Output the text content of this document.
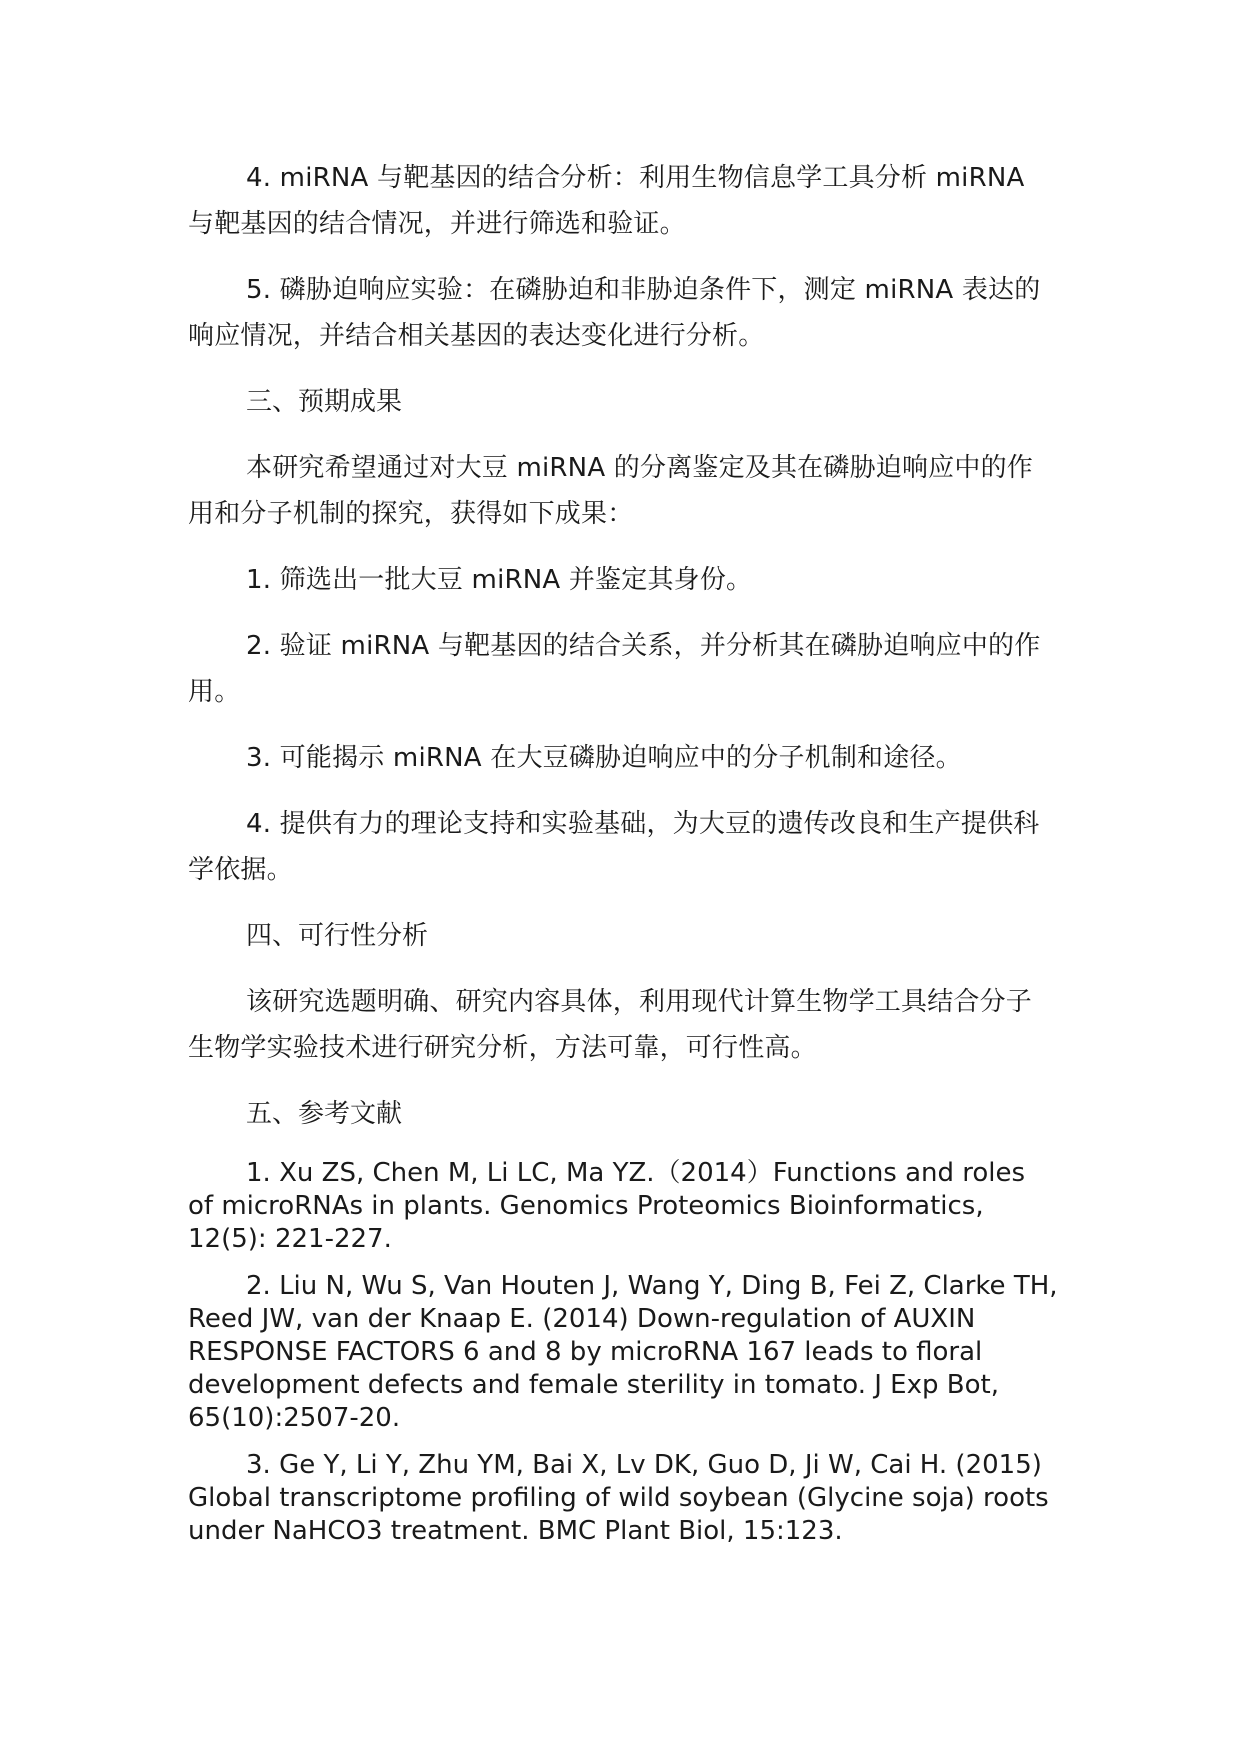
4. miRNA 与靶基因的结合分析：利用生物信息学工具分析 miRNA 与靶基因的结合情况，并进行筛选和验证。

5. 磷胁迫响应实验：在磷胁迫和非胁迫条件下，测定 miRNA 表达的响应情况，并结合相关基因的表达变化进行分析。

三、预期成果

本研究希望通过对大豆 miRNA 的分离鉴定及其在磷胁迫响应中的作用和分子机制的探究，获得如下成果：

1. 筛选出一批大豆 miRNA 并鉴定其身份。

2. 验证 miRNA 与靶基因的结合关系，并分析其在磷胁迫响应中的作用。

3. 可能揭示 miRNA 在大豆磷胁迫响应中的分子机制和途径。

4. 提供有力的理论支持和实验基础，为大豆的遗传改良和生产提供科学依据。

四、可行性分析

该研究选题明确、研究内容具体，利用现代计算生物学工具结合分子生物学实验技术进行研究分析，方法可靠，可行性高。

五、参考文献

1. Xu ZS, Chen M, Li LC, Ma YZ.（2014）Functions and roles of microRNAs in plants. Genomics Proteomics Bioinformatics, 12(5): 221-227.

2. Liu N, Wu S, Van Houten J, Wang Y, Ding B, Fei Z, Clarke TH, Reed JW, van der Knaap E. (2014) Down-regulation of AUXIN RESPONSE FACTORS 6 and 8 by microRNA 167 leads to floral development defects and female sterility in tomato. J Exp Bot, 65(10):2507-20.

3. Ge Y, Li Y, Zhu YM, Bai X, Lv DK, Guo D, Ji W, Cai H. (2015) Global transcriptome profiling of wild soybean (Glycine soja) roots under NaHCO3 treatment. BMC Plant Biol, 15:123.
